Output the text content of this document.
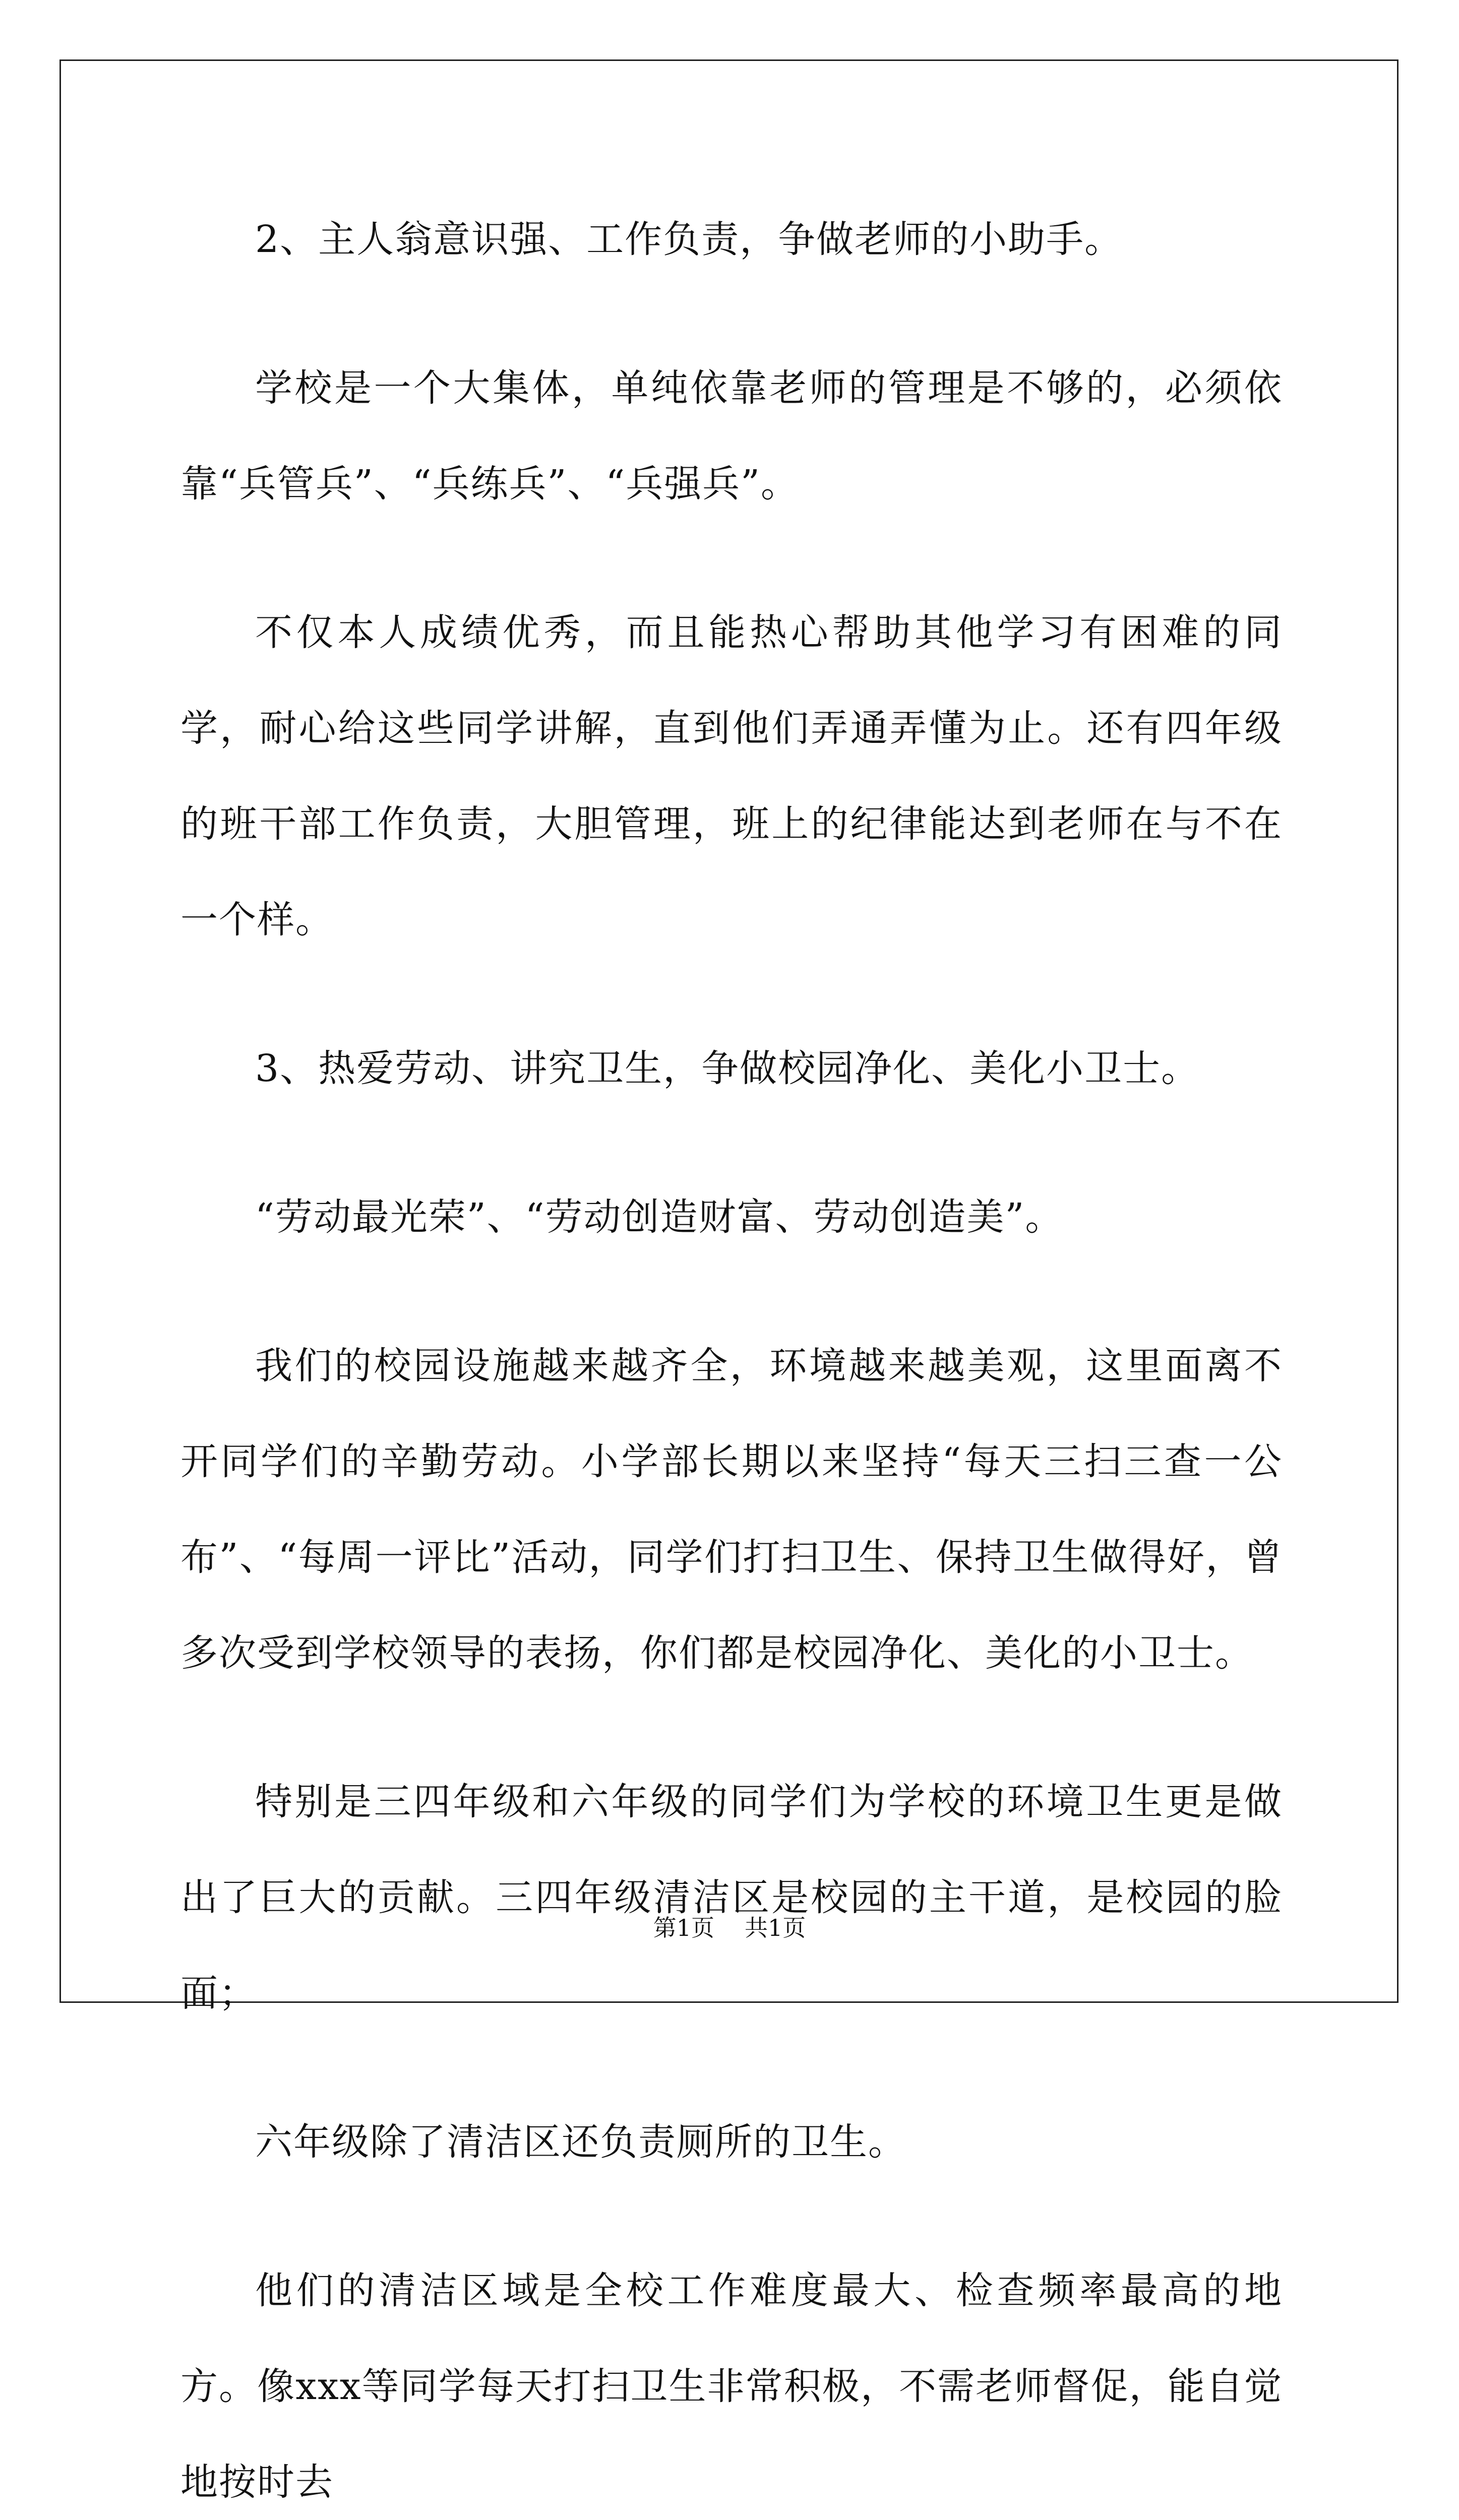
2、主人翁意识强、工作负责，争做老师的小助手。

学校是一个大集体，单纯依靠老师的管理是不够的，必须依靠“兵管兵”、“兵练兵”、“兵强兵”。

不仅本人成绩优秀，而且能热心帮助其他学习有困难的同学，耐心给这些同学讲解，直到他们弄通弄懂为止。还有四年级的班干部工作负责，大胆管理，班上的纪律能达到老师在与不在一个样。

3、热爱劳动、讲究卫生，争做校园净化、美化小卫士。

“劳动最光荣”、“劳动创造财富、劳动创造美”。

我们的校园设施越来越齐全，环境越来越美观，这里面离不开同学们的辛勤劳动。小学部长期以来坚持“每天三扫三查一公布”、“每周一评比”活动，同学们打扫卫生、保持卫生做得好，曾多次受到学校领导的表扬，你们都是校园净化、美化的小卫士。

特别是三四年级和六年级的同学们为学校的环境卫生更是做出了巨大的贡献。三四年级清洁区是校园的主干道，是校园的脸面；

六年级除了清洁区还负责厕所的卫生。

他们的清洁区域是全校工作难度最大、检查频率最高的地方。像xxx等同学每天打扫卫生非常积极，不需老师督促，能自觉地按时去

第1页 共1页
